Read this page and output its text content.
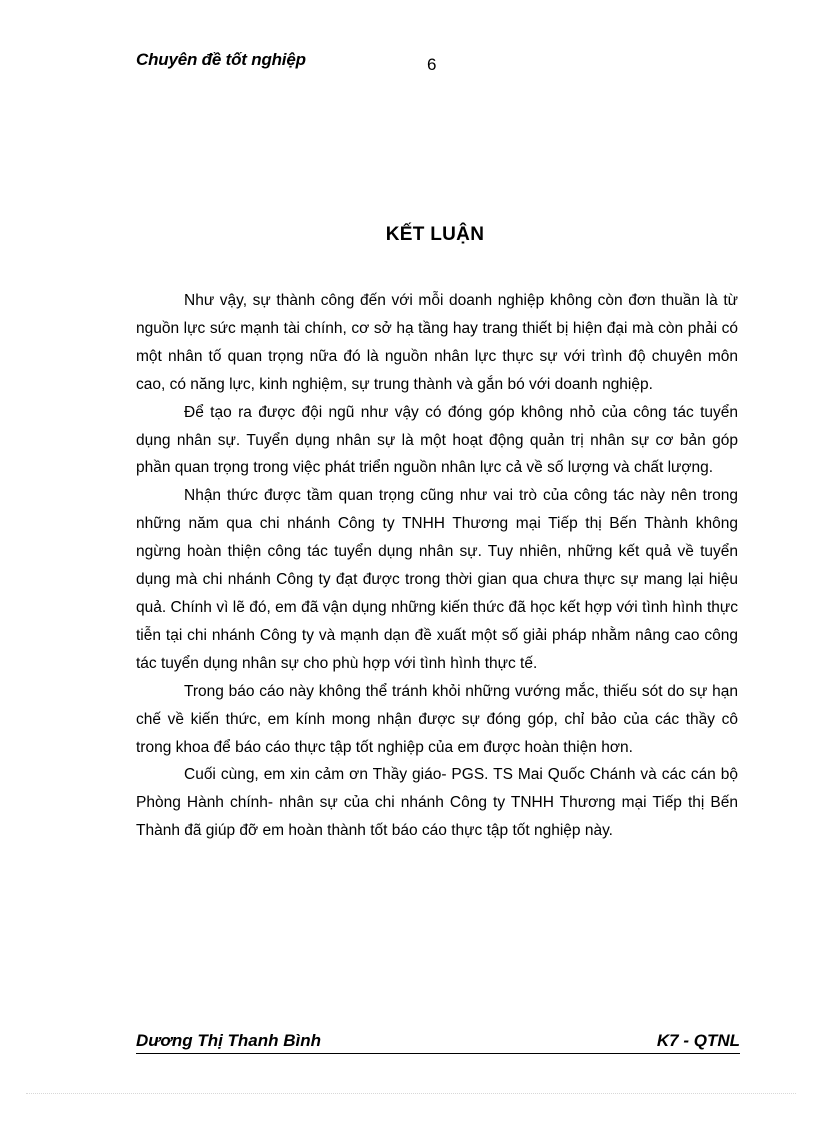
Chuyên đề tốt nghiệp	6
KẾT LUẬN

Như vậy, sự thành công đến với mỗi doanh nghiệp không còn đơn thuần là từ nguồn lực sức mạnh tài chính, cơ sở hạ tầng hay trang thiết bị hiện đại mà còn phải có một nhân tố quan trọng nữa đó là nguồn nhân lực thực sự với trình độ chuyên môn cao, có năng lực, kinh nghiệm, sự trung thành và gắn bó với doanh nghiệp.

Để tạo ra được đội ngũ như vậy có đóng góp không nhỏ của công tác tuyển dụng nhân sự. Tuyển dụng nhân sự là một hoạt động quản trị nhân sự cơ bản góp phần quan trọng trong việc phát triển nguồn nhân lực cả về số lượng và chất lượng.

Nhận thức được tầm quan trọng cũng như vai trò của công tác này nên trong những năm qua chi nhánh Công ty TNHH Thương mại Tiếp thị Bến Thành không ngừng hoàn thiện công tác tuyển dụng nhân sự. Tuy nhiên, những kết quả về tuyển dụng mà chi nhánh Công ty đạt được trong thời gian qua chưa thực sự mang lại hiệu quả. Chính vì lẽ đó, em đã vận dụng những kiến thức đã học kết hợp với tình hình thực tiễn tại chi nhánh Công ty và mạnh dạn đề xuất một số giải pháp nhằm nâng cao công tác tuyển dụng nhân sự cho phù hợp với tình hình thực tế.

Trong báo cáo này không thể tránh khỏi những vướng mắc, thiếu sót do sự hạn chế về kiến thức, em kính mong nhận được sự đóng góp, chỉ bảo của các thầy cô trong khoa để báo cáo thực tập tốt nghiệp của em được hoàn thiện hơn.

Cuối cùng, em xin cảm ơn Thầy giáo- PGS. TS Mai Quốc Chánh và các cán bộ Phòng Hành chính- nhân sự của chi nhánh Công ty TNHH Thương mại Tiếp thị Bến Thành đã giúp đỡ em hoàn thành tốt báo cáo thực tập tốt nghiệp này.

Dương Thị Thanh Bình	K7 - QTNL
